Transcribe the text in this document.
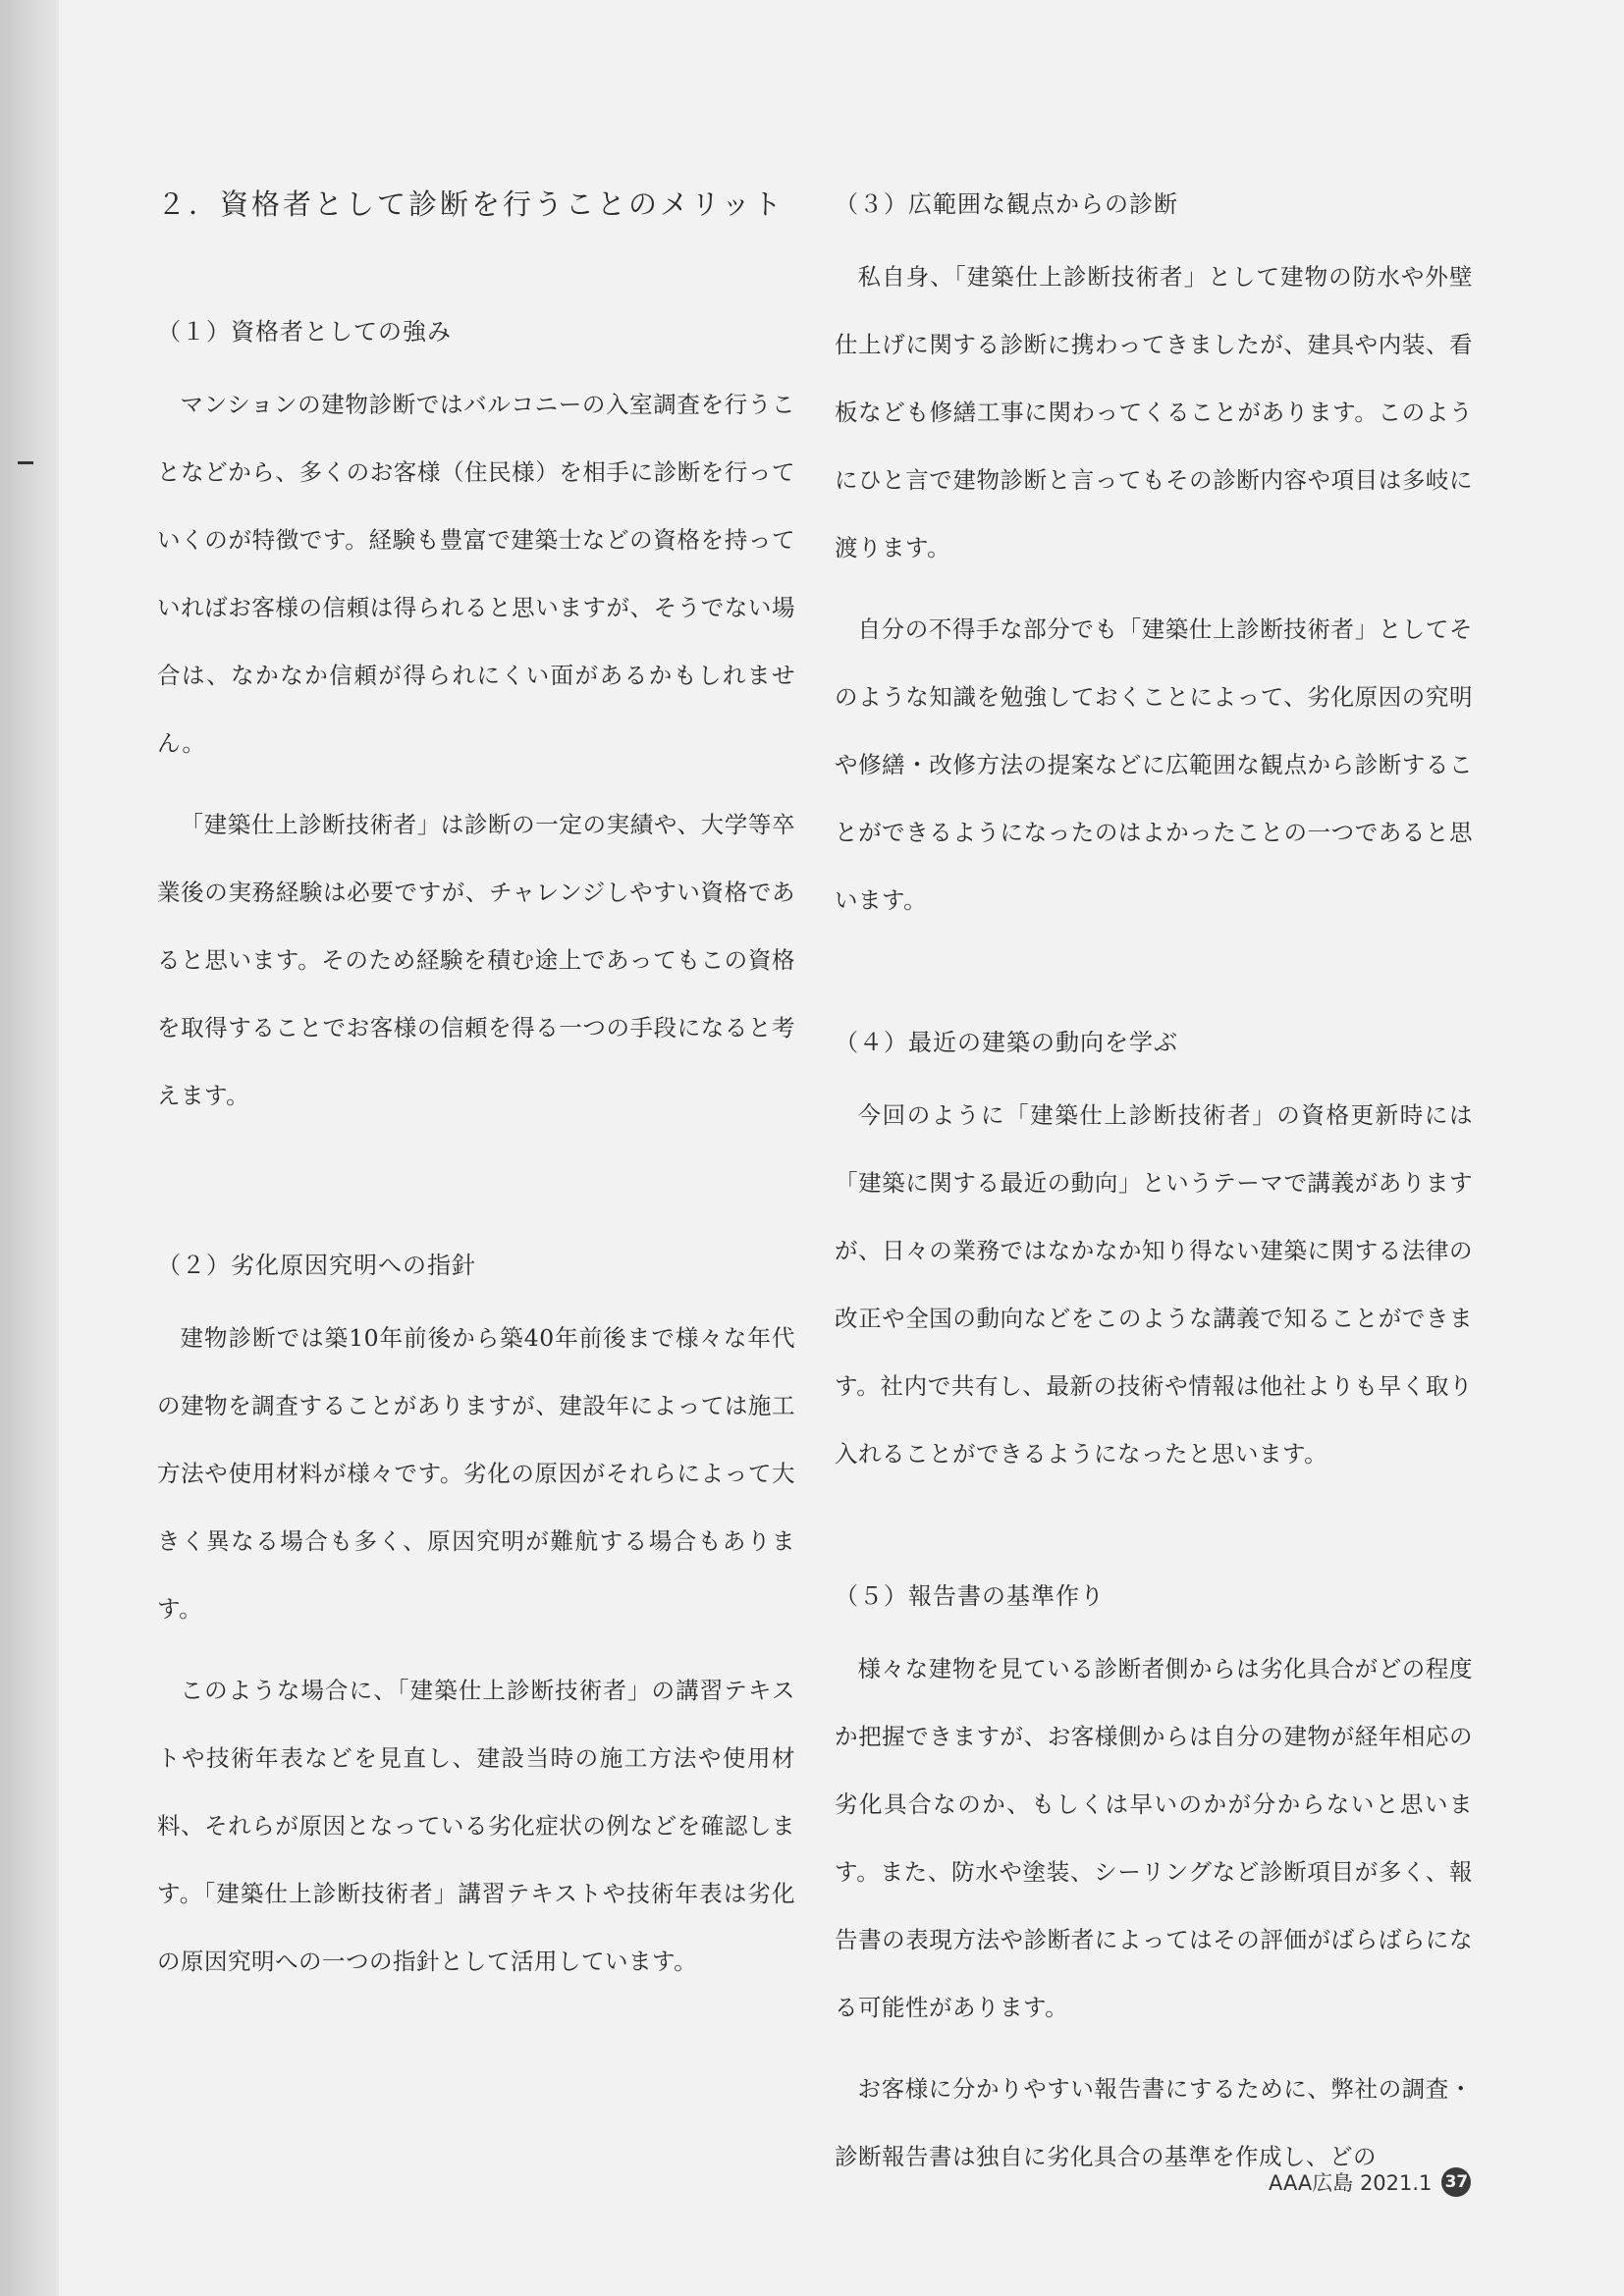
２．資格者として診断を行うことのメリット
（１）資格者としての強み

マンションの建物診断ではバルコニーの入室調査を行うことなどから、多くのお客様（住民様）を相手に診断を行っていくのが特徴です。経験も豊富で建築士などの資格を持っていればお客様の信頼は得られると思いますが、そうでない場合は、なかなか信頼が得られにくい面があるかもしれません。

「建築仕上診断技術者」は診断の一定の実績や、大学等卒業後の実務経験は必要ですが、チャレンジしやすい資格であると思います。そのため経験を積む途上であってもこの資格を取得することでお客様の信頼を得る一つの手段になると考えます。

（２）劣化原因究明への指針

建物診断では築10年前後から築40年前後まで様々な年代の建物を調査することがありますが、建設年によっては施工方法や使用材料が様々です。劣化の原因がそれらによって大きく異なる場合も多く、原因究明が難航する場合もあります。

このような場合に、「建築仕上診断技術者」の講習テキストや技術年表などを見直し、建設当時の施工方法や使用材料、それらが原因となっている劣化症状の例などを確認します。「建築仕上診断技術者」講習テキストや技術年表は劣化の原因究明への一つの指針として活用しています。

（３）広範囲な観点からの診断

私自身、「建築仕上診断技術者」として建物の防水や外壁仕上げに関する診断に携わってきましたが、建具や内装、看板なども修繕工事に関わってくることがあります。このようにひと言で建物診断と言ってもその診断内容や項目は多岐に渡ります。

自分の不得手な部分でも「建築仕上診断技術者」としてそのような知識を勉強しておくことによって、劣化原因の究明や修繕・改修方法の提案などに広範囲な観点から診断することができるようになったのはよかったことの一つであると思います。

（４）最近の建築の動向を学ぶ

今回のように「建築仕上診断技術者」の資格更新時には「建築に関する最近の動向」というテーマで講義がありますが、日々の業務ではなかなか知り得ない建築に関する法律の改正や全国の動向などをこのような講義で知ることができます。社内で共有し、最新の技術や情報は他社よりも早く取り入れることができるようになったと思います。

（５）報告書の基準作り

様々な建物を見ている診断者側からは劣化具合がどの程度か把握できますが、お客様側からは自分の建物が経年相応の劣化具合なのか、もしくは早いのかが分からないと思います。また、防水や塗装、シーリングなど診断項目が多く、報告書の表現方法や診断者によってはその評価がばらばらになる可能性があります。

お客様に分かりやすい報告書にするために、弊社の調査・診断報告書は独自に劣化具合の基準を作成し、どの

AAA広島 2021.1 37
